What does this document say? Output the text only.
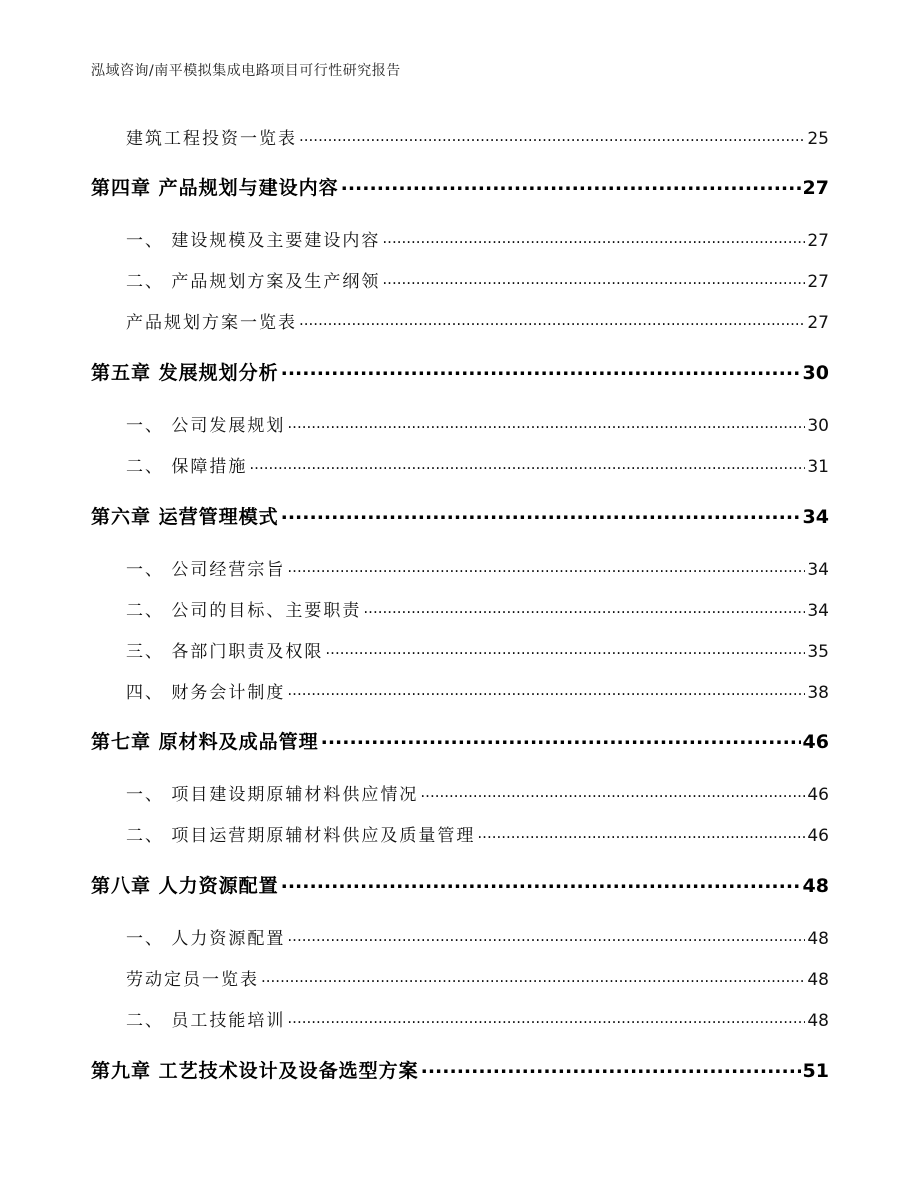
泓域咨询/南平模拟集成电路项目可行性研究报告
建筑工程投资一览表 .....	25
第四章 产品规划与建设内容 .....	27
一、 建设规模及主要建设内容 .....	27
二、 产品规划方案及生产纲领 .....	27
产品规划方案一览表 .....	27
第五章 发展规划分析 .....	30
一、 公司发展规划 .....	30
二、 保障措施 .....	31
第六章 运营管理模式 .....	34
一、 公司经营宗旨 .....	34
二、 公司的目标、主要职责 .....	34
三、 各部门职责及权限 .....	35
四、 财务会计制度 .....	38
第七章 原材料及成品管理 .....	46
一、 项目建设期原辅材料供应情况 .....	46
二、 项目运营期原辅材料供应及质量管理 .....	46
第八章 人力资源配置 .....	48
一、 人力资源配置 .....	48
劳动定员一览表 .....	48
二、 员工技能培训 .....	48
第九章 工艺技术设计及设备选型方案 .....	51
